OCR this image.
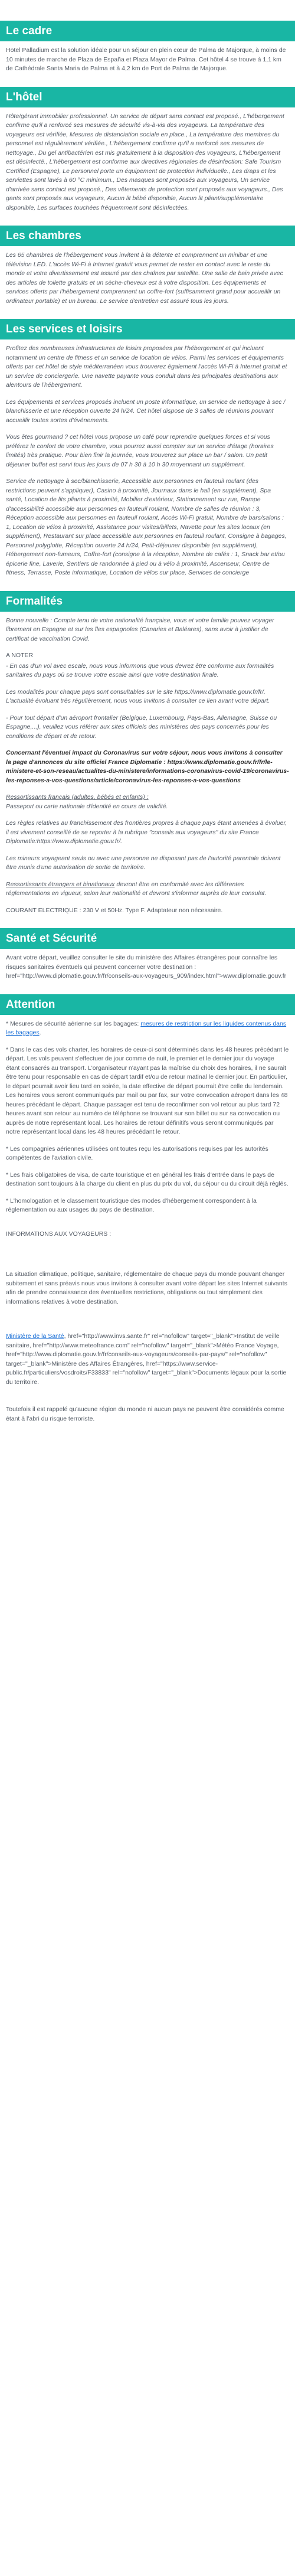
Le cadre

Hotel Palladium est la solution idéale pour un séjour en plein cœur de Palma de Majorque, à moins de 10 minutes de marche de Plaza de España et Plaza Mayor de Palma. Cet hôtel 4 se trouve à 1,1 km de Cathédrale Santa Maria de Palma et à 4,2 km de Port de Palma de Majorque.

L'hôtel

Hôte/gérant immobilier professionnel. Un service de départ sans contact est proposé., L'hébergement confirme qu'il a renforcé ses mesures de sécurité vis-à-vis des voyageurs. La température des voyageurs est vérifiée, Mesures de distanciation sociale en place., La température des membres du personnel est régulièrement vérifiée., L'hébergement confirme qu'il a renforcé ses mesures de nettoyage., Du gel antibactérien est mis gratuitement à la disposition des voyageurs, L'hébergement est désinfecté., L'hébergement est conforme aux directives régionales de désinfection: Safe Tourism Certified (Espagne), Le personnel porte un équipement de protection individuelle., Les draps et les serviettes sont lavés à 60 °C minimum., Des masques sont proposés aux voyageurs, Un service d'arrivée sans contact est proposé., Des vêtements de protection sont proposés aux voyageurs., Des gants sont proposés aux voyageurs, Aucun lit bébé disponible, Aucun lit pliant/supplémentaire disponible, Les surfaces touchées fréquemment sont désinfectées.

Les chambres

Les 65 chambres de l'hébergement vous invitent à la détente et comprennent un minibar et une télévision LED. L'accès Wi-Fi à Internet gratuit vous permet de rester en contact avec le reste du monde et votre divertissement est assuré par des chaînes par satellite. Une salle de bain privée avec des articles de toilette gratuits et un sèche-cheveux est à votre disposition. Les équipements et services offerts par l'hébergement comprennent un coffre-fort (suffisamment grand pour accueillir un ordinateur portable) et un bureau. Le service d'entretien est assuré tous les jours.

Les services et loisirs

Profitez des nombreuses infrastructures de loisirs proposées par l'hébergement et qui incluent notamment un centre de fitness et un service de location de vélos. Parmi les services et équipements offerts par cet hôtel de style méditerranéen vous trouverez également l'accès Wi-Fi à Internet gratuit et un service de conciergerie. Une navette payante vous conduit dans les principales destinations aux alentours de l'hébergement.

Les équipements et services proposés incluent un poste informatique, un service de nettoyage à sec / blanchisserie et une réception ouverte 24 h/24. Cet hôtel dispose de 3 salles de réunions pouvant accueillir toutes sortes d'événements.

Vous êtes gourmand ? cet hôtel vous propose un café pour reprendre quelques forces et si vous préférez le confort de votre chambre, vous pourrez aussi compter sur un service d'étage (horaires limités) très pratique. Pour bien finir la journée, vous trouverez sur place un bar / salon. Un petit déjeuner buffet est servi tous les jours de 07 h 30 à 10 h 30 moyennant un supplément.

Service de nettoyage à sec/blanchisserie, Accessible aux personnes en fauteuil roulant (des restrictions peuvent s'appliquer), Casino à proximité, Journaux dans le hall (en supplément), Spa santé, Location de lits pliants à proximité, Mobilier d'extérieur, Stationnement sur rue, Rampe d'accessibilité accessible aux personnes en fauteuil roulant, Nombre de salles de réunion : 3, Réception accessible aux personnes en fauteuil roulant, Accès Wi-Fi gratuit, Nombre de bars/salons : 1, Location de vélos à proximité, Assistance pour visites/billets, Navette pour les sites locaux (en supplément), Restaurant sur place accessible aux personnes en fauteuil roulant, Consigne à bagages, Personnel polyglotte, Réception ouverte 24 h/24, Petit-déjeuner disponible (en supplément), Hébergement non-fumeurs, Coffre-fort (consigne à la réception, Nombre de cafés : 1, Snack bar et/ou épicerie fine, Laverie, Sentiers de randonnée à pied ou à vélo à proximité, Ascenseur, Centre de fitness, Terrasse, Poste informatique, Location de vélos sur place, Services de concierge

Formalités

Bonne nouvelle : Compte tenu de votre nationalité française, vous et votre famille pouvez voyager librement en Espagne et sur les îles espagnoles (Canaries et Baléares), sans avoir à justifier de certificat de vaccination Covid.

A NOTER

- En cas d'un vol avec escale, nous vous informons que vous devrez être conforme aux formalités sanitaires du pays où se trouve votre escale ainsi que votre destination finale.

Les modalités pour chaque pays sont consultables sur le site https://www.diplomatie.gouv.fr/fr/. L'actualité évoluant très régulièrement, nous vous invitons à consulter ce lien avant votre départ.

- Pour tout départ d'un aéroport frontalier (Belgique, Luxembourg, Pays-Bas, Allemagne, Suisse ou Espagne,...), veuillez vous référer aux sites officiels des ministères des pays concernés pour les conditions de départ et de retour.

Concernant l'éventuel impact du Coronavirus sur votre séjour, nous vous invitons à consulter la page d'annonces du site officiel France Diplomatie : https://www.diplomatie.gouv.fr/fr/le-ministere-et-son-reseau/actualites-du-ministere/informations-coronavirus-covid-19/coronavirus-les-reponses-a-vos-questions/article/coronavirus-les-reponses-a-vos-questions

Ressortissants français (adultes, bébés et enfants) :

Passeport ou carte nationale d'identité en cours de validité.

Les règles relatives au franchissement des frontières propres à chaque pays étant amenées à évoluer, il est vivement conseillé de se reporter à la rubrique "conseils aux voyageurs" du site France Diplomatie:https://www.diplomatie.gouv.fr/.

Les mineurs voyageant seuls ou avec une personne ne disposant pas de l'autorité parentale doivent être munis d'une autorisation de sortie de territoire.

Ressortissants étrangers et binationaux devront être en conformité avec les différentes réglementations en vigueur, selon leur nationalité et devront s'informer auprès de leur consulat.

COURANT ELECTRIQUE : 230 V et 50Hz. Type F. Adaptateur non nécessaire.

Santé et Sécurité

Avant votre départ, veuillez consulter le site du ministère des Affaires étrangères pour connaître les risques sanitaires éventuels qui peuvent concerner votre destination : href="http://www.diplomatie.gouv.fr/fr/conseils-aux-voyageurs_909/index.html">www.diplomatie.gouv.fr

Attention

* Mesures de sécurité aérienne sur les bagages: mesures de restriction sur les liquides contenus dans les bagages.

* Dans le cas des vols charter, les horaires de ceux-ci sont déterminés dans les 48 heures précédant le départ. Les vols peuvent s'effectuer de jour comme de nuit, le premier et le dernier jour du voyage étant consacrés au transport. L'organisateur n'ayant pas la maîtrise du choix des horaires, il ne saurait être tenu pour responsable en cas de départ tardif et/ou de retour matinal le dernier jour. En particulier, le départ pourrait avoir lieu tard en soirée, la date effective de départ pourrait être celle du lendemain. Les horaires vous seront communiqués par mail ou par fax, sur votre convocation aéroport dans les 48 heures précédant le départ. Chaque passager est tenu de reconfirmer son vol retour au plus tard 72 heures avant son retour au numéro de téléphone se trouvant sur son billet ou sur sa convocation ou auprès de notre représentant local. Les horaires de retour définitifs vous seront communiqués par notre représentant local dans les 48 heures précédant le retour.

* Les compagnies aériennes utilisées ont toutes reçu les autorisations requises par les autorités compétentes de l'aviation civile.

* Les frais obligatoires de visa, de carte touristique et en général les frais d'entrée dans le pays de destination sont toujours à la charge du client en plus du prix du vol, du séjour ou du circuit déjà réglés.

* L'homologation et le classement touristique des modes d'hébergement correspondent à la réglementation ou aux usages du pays de destination.

INFORMATIONS AUX VOYAGEURS :

La situation climatique, politique, sanitaire, réglementaire de chaque pays du monde pouvant changer subitement et sans préavis nous vous invitons à consulter avant votre départ les sites Internet suivants afin de prendre connaissance des éventuelles restrictions, obligations ou tout simplement des informations relatives à votre destination.

Ministère de la Santé, href="http://www.invs.sante.fr" rel="nofollow" target="_blank">Institut de veille sanitaire, href="http://www.meteofrance.com" rel="nofollow" target="_blank">Météo France Voyage, href="http://www.diplomatie.gouv.fr/fr/conseils-aux-voyageurs/conseils-par-pays/" rel="nofollow" target="_blank">Ministère des Affaires Étrangères, href="https://www.service-public.fr/particuliers/vosdroits/F33833" rel="nofollow" target="_blank">Documents légaux pour la sortie du territoire.

Toutefois il est rappelé qu'aucune région du monde ni aucun pays ne peuvent être considérés comme étant à l'abri du risque terroriste.
